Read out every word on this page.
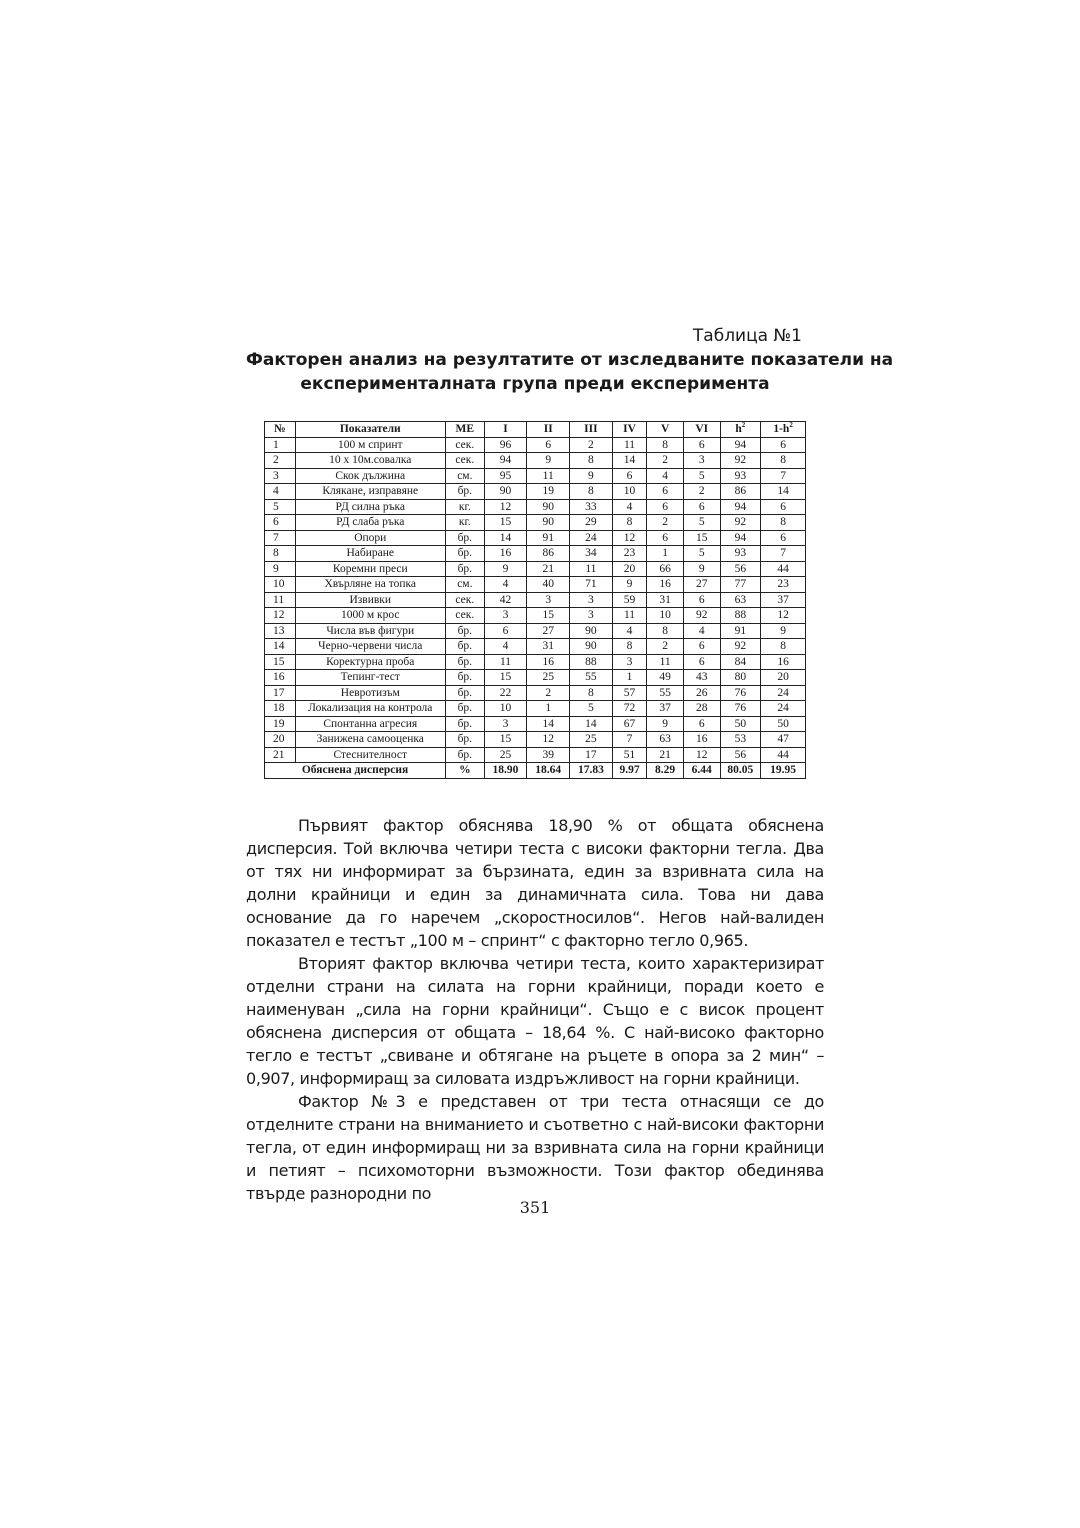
Таблица №1
Факторен анализ на резултатите от изследваните показатели на
експерименталната група преди експеримента
№	Показатели	МЕ	I	II	III	IV	V	VI	$h^2$	$1-h^2$
1	100 м спринт	сек.	96	6	2	11	8	6	94	6
2	10 х 10м.совалка	сек.	94	9	8	14	2	3	92	8
3	Скок дължина	см.	95	11	9	6	4	5	93	7
4	Клякане, изправяне	бр.	90	19	8	10	6	2	86	14
5	РД силна ръка	кг.	12	90	33	4	6	6	94	6
6	РД слаба ръка	кг.	15	90	29	8	2	5	92	8
7	Опори	бр.	14	91	24	12	6	15	94	6
8	Набиране	бр.	16	86	34	23	1	5	93	7
9	Коремни преси	бр.	9	21	11	20	66	9	56	44
10	Хвърляне на топка	см.	4	40	71	9	16	27	77	23
11	Извивки	сек.	42	3	3	59	31	6	63	37
12	1000 м крос	сек.	3	15	3	11	10	92	88	12
13	Числа във фигури	бр.	6	27	90	4	8	4	91	9
14	Черно-червени числа	бр.	4	31	90	8	2	6	92	8
15	Коректурна проба	бр.	11	16	88	3	11	6	84	16
16	Тепинг-тест	бр.	15	25	55	1	49	43	80	20
17	Невротизъм	бр.	22	2	8	57	55	26	76	24
18	Локализация на контрола	бр.	10	1	5	72	37	28	76	24
19	Спонтанна агресия	бр.	3	14	14	67	9	6	50	50
20	Занижена самооценка	бр.	15	12	25	7	63	16	53	47
21	Стеснителност	бр.	25	39	17	51	21	12	56	44
Обяснена дисперсия		%	18.90	18.64	17.83	9.97	8.29	6.44	80.05	19.95

Първият фактор обяснява 18,90 % от общата обяснена дисперсия. Той включва четири теста с високи факторни тегла. Два от тях ни информират за бързината, един за взривната сила на долни крайници и един за динамичната сила. Това ни дава основание да го наречем „скоростносилов“. Негов най-валиден показател е тестът „100 м – спринт“ с факторно тегло 0,965.

Вторият фактор включва четири теста, които характеризират отделни страни на силата на горни крайници, поради което е наименуван „сила на горни крайници“. Също е с висок процент обяснена дисперсия от общата – 18,64 %. С най-високо факторно тегло е тестът „свиване и обтягане на ръцете в опора за 2 мин“ – 0,907, информиращ за силовата издръжливост на горни крайници.

Фактор №3 е представен от три теста отнасящи се до отделните страни на вниманието и съответно с най-високи факторни тегла, от един информиращ ни за взривната сила на горни крайници и петият – психомоторни възможности. Този фактор обединява твърде разнородни по

351
